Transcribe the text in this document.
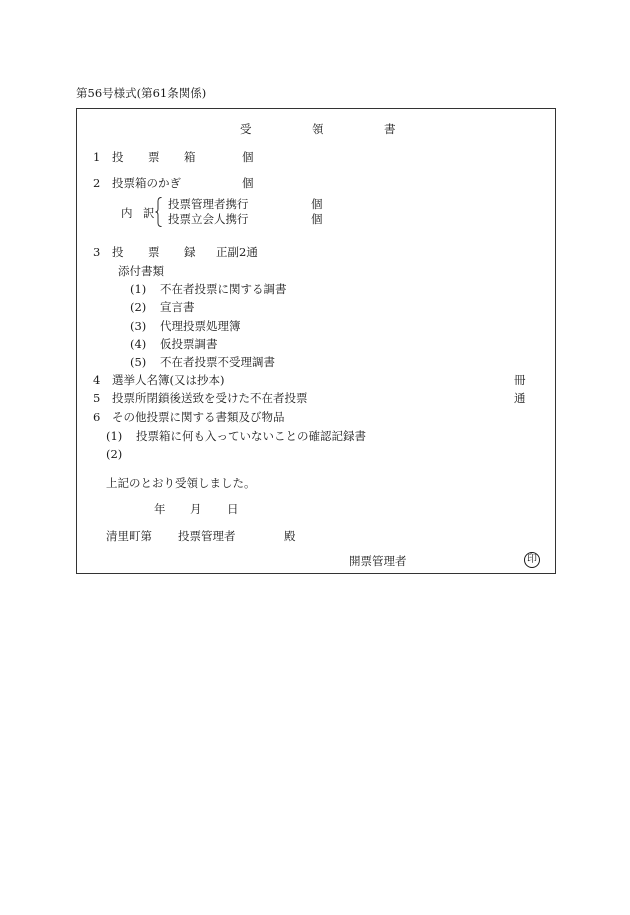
第56号様式(第61条関係)
受	領	書
1 投 票 箱	個
2 投票箱のかぎ	個
内 訳
投票管理者携行	個
投票立会人携行	個
3 投 票 録 正副2通
添付書類
(1) 不在者投票に関する調書
(2) 宣言書
(3) 代理投票処理簿
(4) 仮投票調書
(5) 不在者投票不受理調書
4 選挙人名簿(又は抄本)	冊
5 投票所閉鎖後送致を受けた不在者投票	通
6 その他投票に関する書類及び物品
(1) 投票箱に何も入っていないことの確認記録書
(2)
上記のとおり受領しました。
年 月 日
清里町第 投票管理者	殿
開票管理者	印
